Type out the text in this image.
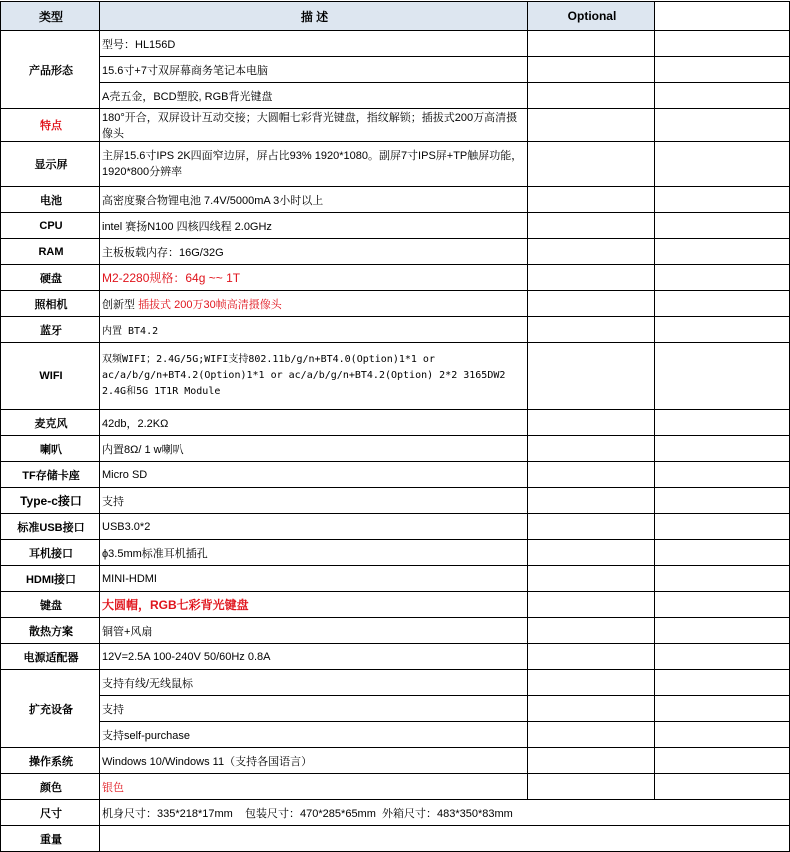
类型	描 述	Optional	
产品形态	型号：HL156D		
	15.6寸+7寸双屏幕商务笔记本电脑		
	A壳五金，BCD塑胶, RGB背光键盘		
特点	180°开合，双屏设计互动交接；大圆帽七彩背光键盘，指纹解锁；插拔式200万高清摄像头		
显示屏	主屏15.6寸IPS 2K四面窄边屏，屏占比93% 1920*1080。副屏7寸IPS屏+TP触屏功能，
1920*800分辨率		
电池	高密度聚合物锂电池 7.4V/5000mA 3小时以上		
CPU	intel 赛扬N100 四核四线程 2.0GHz		
RAM	主板板载内存：16G/32G		
硬盘	M2-2280规格：64g ~~ 1T		
照相机	创新型 插拔式 200万30帧高清摄像头		
蓝牙	内置 BT4.2		
WIFI	双频WIFI；2.4G/5G;WIFI支持802.11b/g/n+BT4.0(Option)1*1 or
ac/a/b/g/n+BT4.2(Option)1*1 or ac/a/b/g/n+BT4.2(Option) 2*2 3165DW2
2.4G和5G 1T1R Module		
麦克风	42db，2.2KΩ		
喇叭	内置8Ω/ 1 w喇叭		
TF存储卡座	Micro SD		
Type-c接口	支持		
标准USB接口	USB3.0*2		
耳机接口	ϕ3.5mm标准耳机插孔		
HDMI接口	MINI-HDMI		
键盘	大圆帽，RGB七彩背光键盘		
散热方案	铜管+风扇		
电源适配器	12V=2.5A 100-240V 50/60Hz 0.8A		
扩充设备	支持有线/无线鼠标		
	支持		
	支持self-purchase		
操作系统	Windows 10/Windows 11（支持各国语言）		
颜色	银色		
尺寸	机身尺寸：335*218*17mm    包装尺寸：470*285*65mm  外箱尺寸：483*350*83mm		
重量			
